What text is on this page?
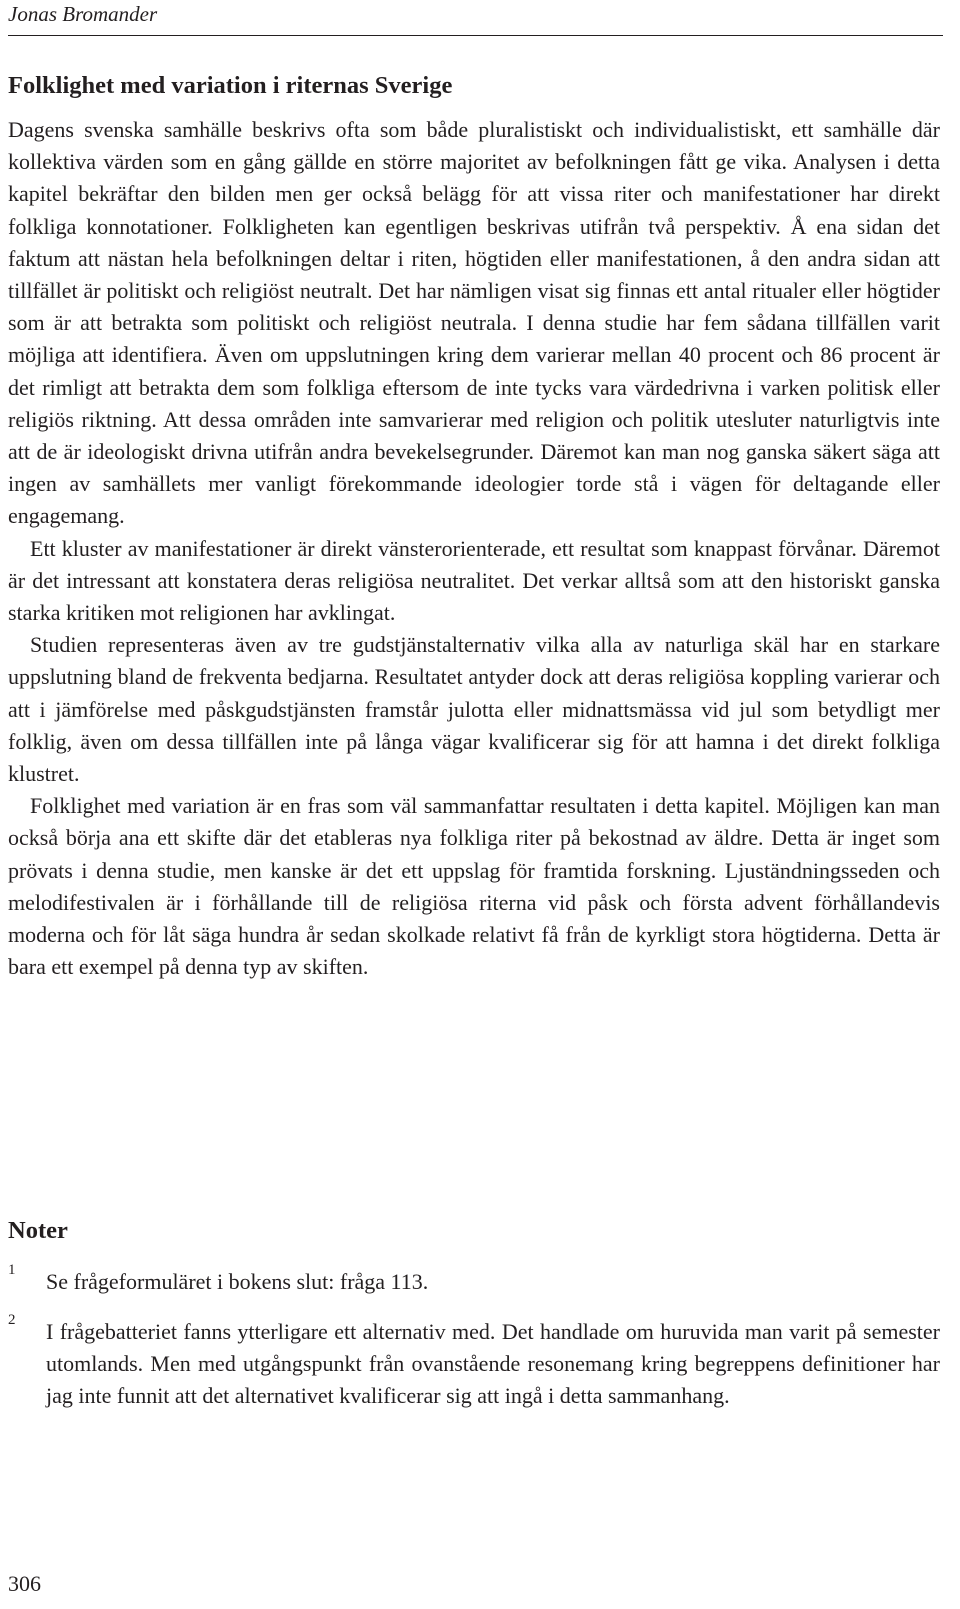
Jonas Bromander
Folklighet med variation i riternas Sverige

Dagens svenska samhälle beskrivs ofta som både pluralistiskt och individualistiskt, ett samhälle där kollektiva värden som en gång gällde en större majoritet av befolkningen fått ge vika. Analysen i detta kapitel bekräftar den bilden men ger också belägg för att vissa riter och manifestationer har direkt folkliga konnotationer. Folkligheten kan egentligen beskrivas utifrån två perspektiv. Å ena sidan det faktum att nästan hela befolkningen deltar i riten, högtiden eller manifestationen, å den andra sidan att tillfället är politiskt och religiöst neutralt. Det har nämligen visat sig finnas ett antal ritualer eller högtider som är att betrakta som politiskt och religiöst neutrala. I denna studie har fem sådana tillfällen varit möjliga att identifiera. Även om uppslutningen kring dem varierar mellan 40 procent och 86 procent är det rimligt att betrakta dem som folkliga eftersom de inte tycks vara värdedrivna i varken politisk eller religiös riktning. Att dessa områden inte samvarierar med religion och politik utesluter naturligtvis inte att de är ideologiskt drivna utifrån andra bevekelsegrunder. Däremot kan man nog ganska säkert säga att ingen av samhällets mer vanligt förekommande ideologier torde stå i vägen för deltagande eller engagemang.

Ett kluster av manifestationer är direkt vänsterorienterade, ett resultat som knappast förvånar. Däremot är det intressant att konstatera deras religiösa neutralitet. Det verkar alltså som att den historiskt ganska starka kritiken mot religionen har avklingat.

Studien representeras även av tre gudstjänstalternativ vilka alla av naturliga skäl har en starkare uppslutning bland de frekventa bedjarna. Resultatet antyder dock att deras religiösa koppling varierar och att i jämförelse med påskgudstjänsten framstår julotta eller midnattsmässa vid jul som betydligt mer folklig, även om dessa tillfällen inte på långa vägar kvalificerar sig för att hamna i det direkt folkliga klustret.

Folklighet med variation är en fras som väl sammanfattar resultaten i detta kapitel. Möjligen kan man också börja ana ett skifte där det etableras nya folkliga riter på bekostnad av äldre. Detta är inget som prövats i denna studie, men kanske är det ett uppslag för framtida forskning. Ljuständningsseden och melodifestivalen är i förhållande till de religiösa riterna vid påsk och första advent förhållandevis moderna och för låt säga hundra år sedan skolkade relativt få från de kyrkligt stora högtiderna. Detta är bara ett exempel på denna typ av skiften.

Noter
1 Se frågeformuläret i bokens slut: fråga 113.
2 I frågebatteriet fanns ytterligare ett alternativ med. Det handlade om huruvida man varit på semester utomlands. Men med utgångspunkt från ovanstående resonemang kring begreppens definitioner har jag inte funnit att det alternativet kvalificerar sig att ingå i detta sammanhang.
306
